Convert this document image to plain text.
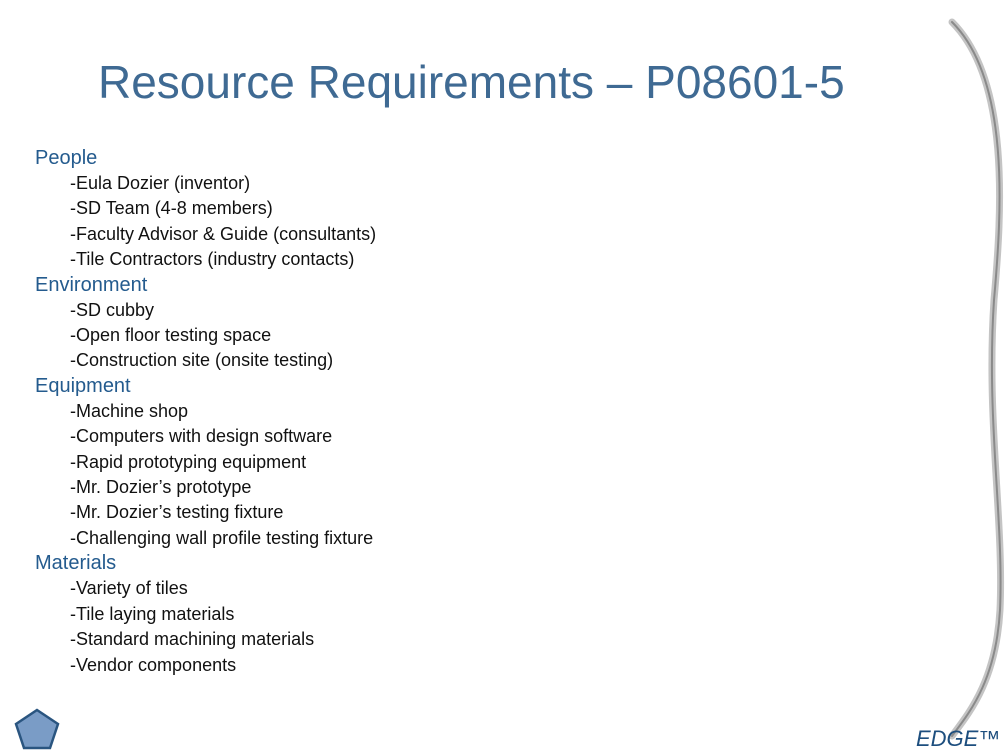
Resource Requirements – P08601-5
People
-Eula Dozier (inventor)
-SD Team (4-8 members)
-Faculty Advisor & Guide (consultants)
-Tile Contractors (industry contacts)
Environment
-SD cubby
-Open floor testing space
-Construction site (onsite testing)
Equipment
-Machine shop
-Computers with design software
-Rapid prototyping equipment
-Mr. Dozier’s prototype
-Mr. Dozier’s testing fixture
-Challenging wall profile testing fixture
Materials
-Variety of tiles
-Tile laying materials
-Standard machining materials
-Vendor components
EDGE™
